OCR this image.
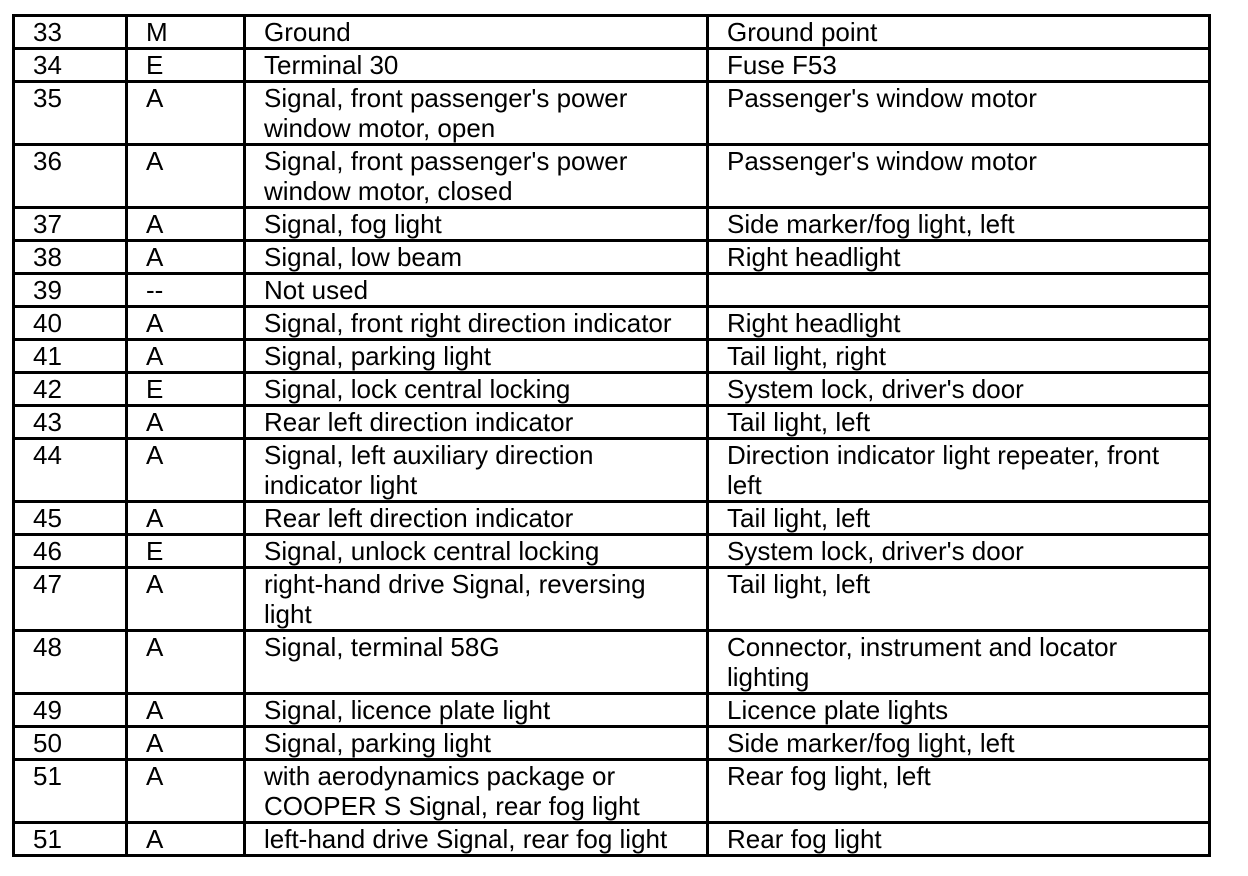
33	M	Ground	Ground point
34	E	Terminal 30	Fuse F53
35	A	Signal, front passenger's power window motor, open	Passenger's window motor
36	A	Signal, front passenger's power window motor, closed	Passenger's window motor
37	A	Signal, fog light	Side marker/fog light, left
38	A	Signal, low beam	Right headlight
39	--	Not used	
40	A	Signal, front right direction indicator	Right headlight
41	A	Signal, parking light	Tail light, right
42	E	Signal, lock central locking	System lock, driver's door
43	A	Rear left direction indicator	Tail light, left
44	A	Signal, left auxiliary direction indicator light	Direction indicator light repeater, front left
45	A	Rear left direction indicator	Tail light, left
46	E	Signal, unlock central locking	System lock, driver's door
47	A	right-hand drive Signal, reversing light	Tail light, left
48	A	Signal, terminal 58G	Connector, instrument and locator lighting
49	A	Signal, licence plate light	Licence plate lights
50	A	Signal, parking light	Side marker/fog light, left
51	A	with aerodynamics package or COOPER S Signal, rear fog light	Rear fog light, left
51	A	left-hand drive Signal, rear fog light	Rear fog light
